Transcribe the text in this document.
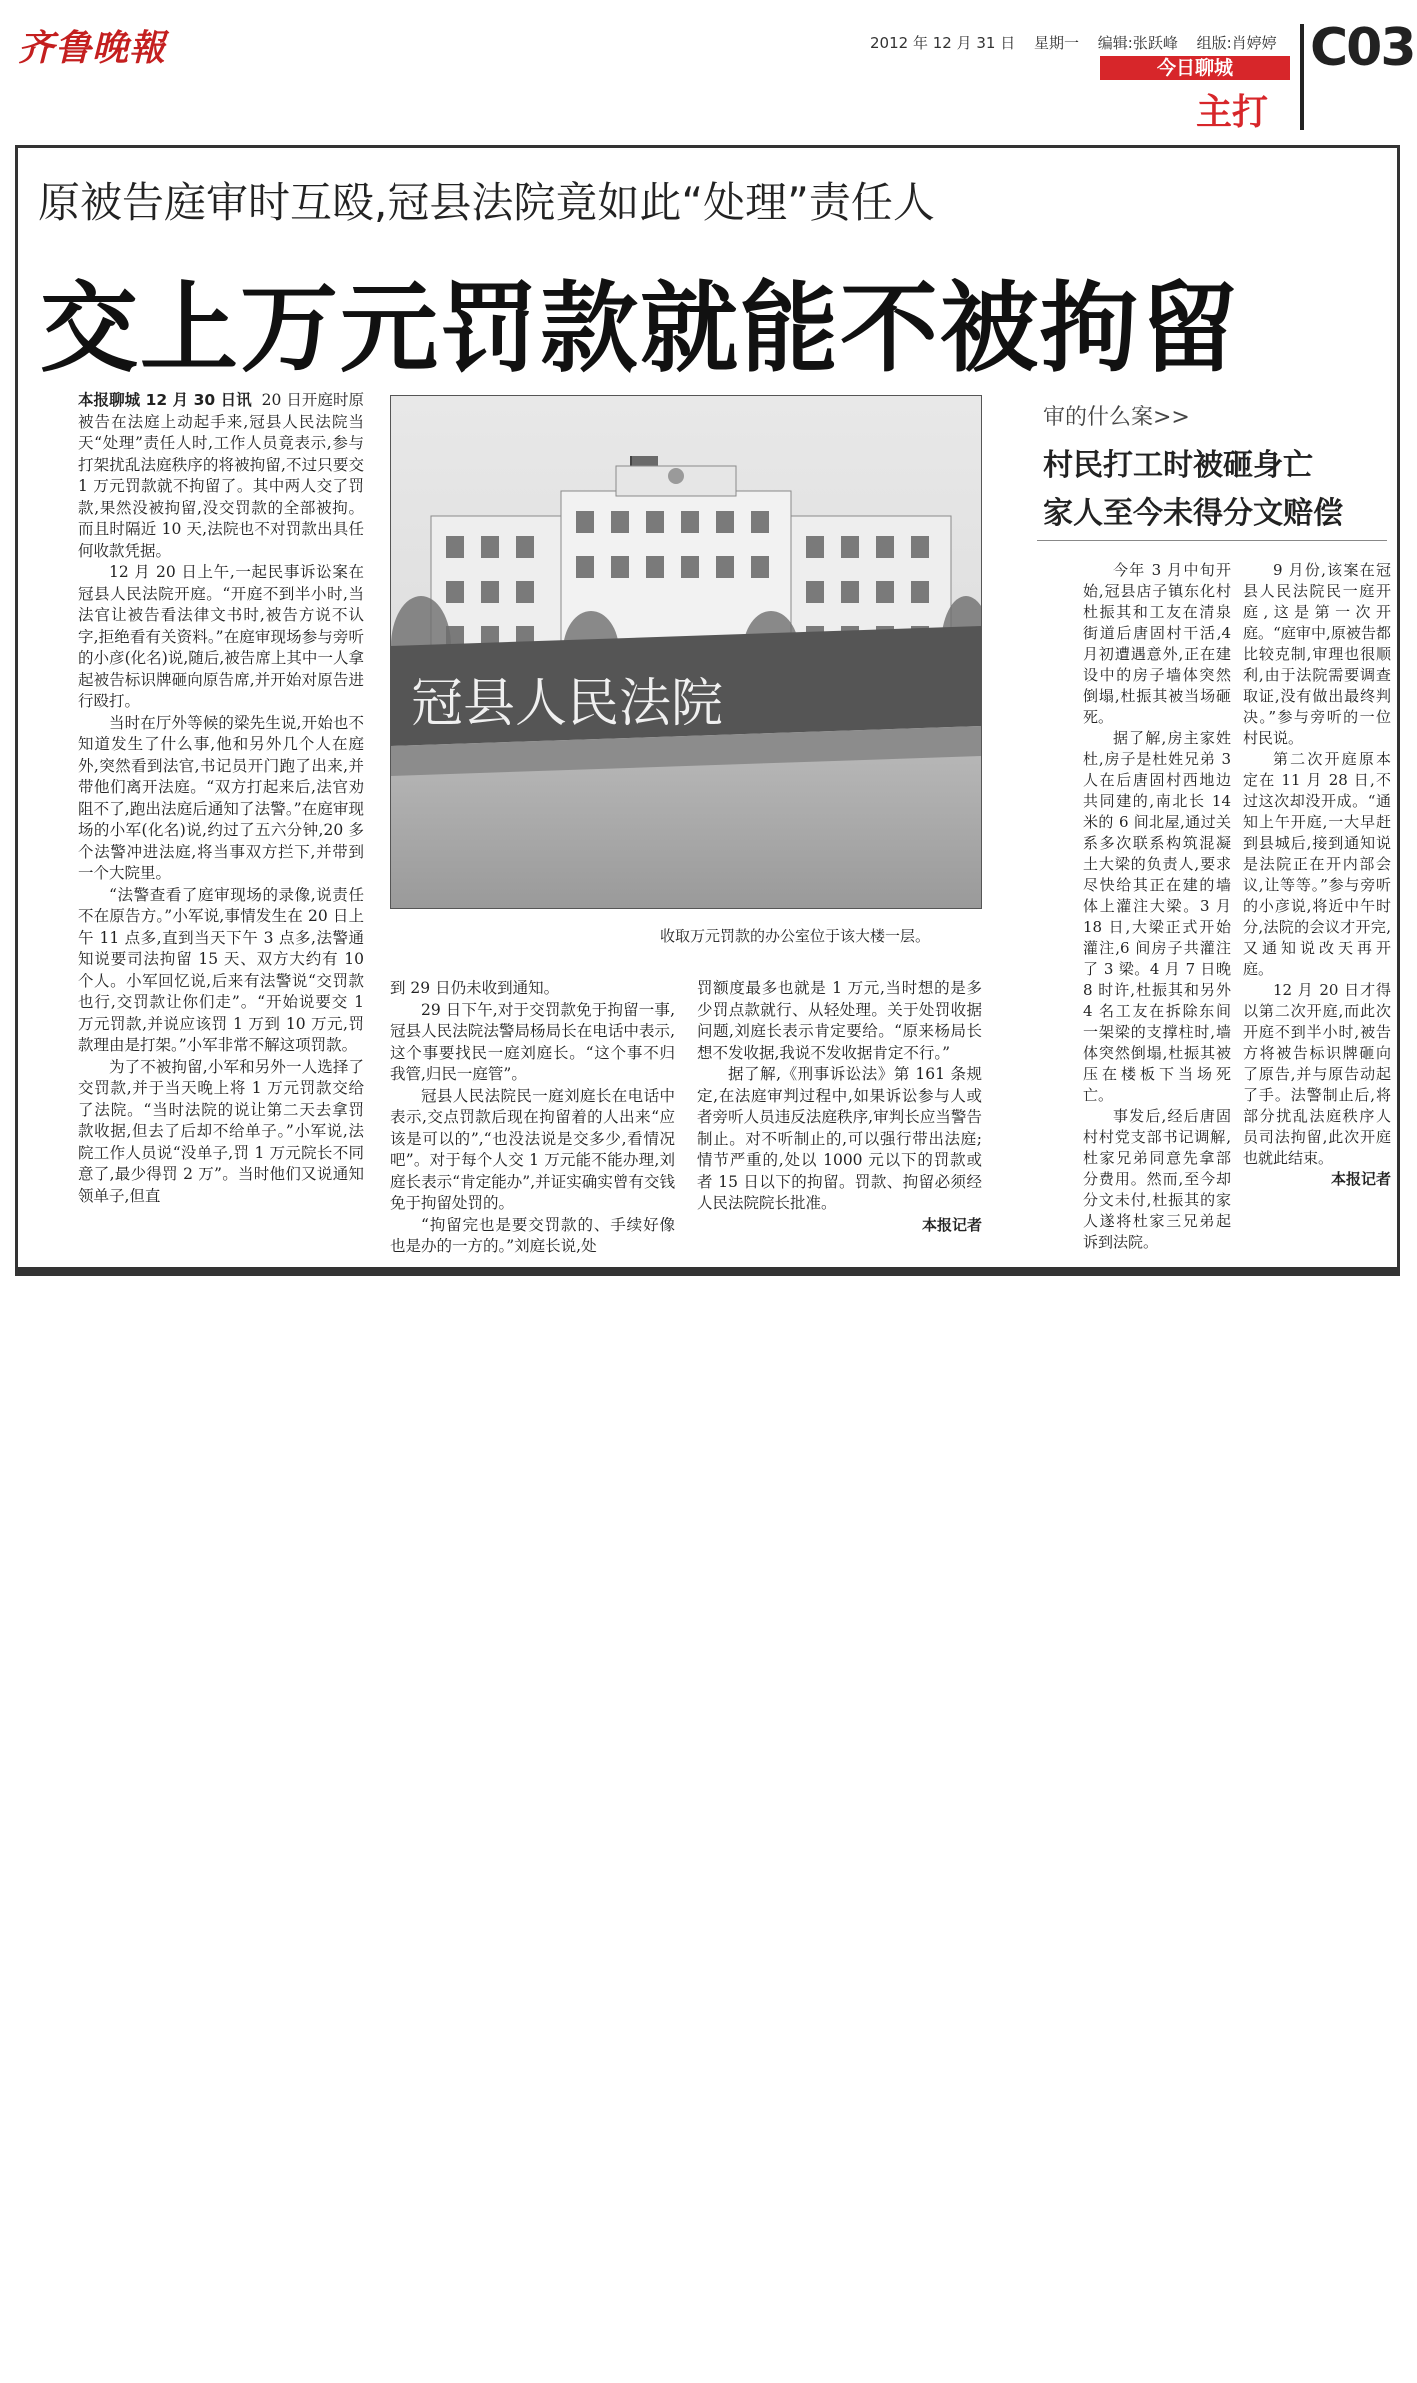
齐鲁晚報	2012 年 12 月 31 日 星期一 编辑:张跃峰 组版:肖婷婷
今日聊城
主打
C03
原被告庭审时互殴,冠县法院竟如此“处理”责任人
交上万元罚款就能不被拘留

本报聊城 12 月 30 日讯 20 日开庭时原被告在法庭上动起手来,冠县人民法院当天“处理”责任人时,工作人员竟表示,参与打架扰乱法庭秩序的将被拘留,不过只要交 1 万元罚款就不拘留了。其中两人交了罚款,果然没被拘留,没交罚款的全部被拘。而且时隔近 10 天,法院也不对罚款出具任何收款凭据。

12 月 20 日上午,一起民事诉讼案在冠县人民法院开庭。“开庭不到半小时,当法官让被告看法律文书时,被告方说不认字,拒绝看有关资料。”在庭审现场参与旁听的小彦(化名)说,随后,被告席上其中一人拿起被告标识牌砸向原告席,并开始对原告进行殴打。

当时在厅外等候的梁先生说,开始也不知道发生了什么事,他和另外几个人在庭外,突然看到法官,书记员开门跑了出来,并带他们离开法庭。“双方打起来后,法官劝阻不了,跑出法庭后通知了法警。”在庭审现场的小军(化名)说,约过了五六分钟,20 多个法警冲进法庭,将当事双方拦下,并带到一个大院里。

“法警查看了庭审现场的录像,说责任不在原告方。”小军说,事情发生在 20 日上午 11 点多,直到当天下午 3 点多,法警通知说要司法拘留 15 天、双方大约有 10 个人。小军回忆说,后来有法警说“交罚款也行,交罚款让你们走”。“开始说要交 1 万元罚款,并说应该罚 1 万到 10 万元,罚款理由是打架。”小军非常不解这项罚款。

为了不被拘留,小军和另外一人选择了交罚款,并于当天晚上将 1 万元罚款交给了法院。“当时法院的说让第二天去拿罚款收据,但去了后却不给单子。”小军说,法院工作人员说“没单子,罚 1 万元院长不同意了,最少得罚 2 万”。当时他们又说通知领单子,但直

冠县人民法院
收取万元罚款的办公室位于该大楼一层。

到 29 日仍未收到通知。

29 日下午,对于交罚款免于拘留一事,冠县人民法院法警局杨局长在电话中表示,这个事要找民一庭刘庭长。“这个事不归我管,归民一庭管”。

冠县人民法院民一庭刘庭长在电话中表示,交点罚款后现在拘留着的人出来“应该是可以的”,“也没法说是交多少,看情况吧”。对于每个人交 1 万元能不能办理,刘庭长表示“肯定能办”,并证实确实曾有交钱免于拘留处罚的。

“拘留完也是要交罚款的、手续好像也是办的一方的。”刘庭长说,处

罚额度最多也就是 1 万元,当时想的是多少罚点款就行、从轻处理。关于处罚收据问题,刘庭长表示肯定要给。“原来杨局长想不发收据,我说不发收据肯定不行。”

据了解,《刑事诉讼法》第 161 条规定,在法庭审判过程中,如果诉讼参与人或者旁听人员违反法庭秩序,审判长应当警告制止。对不听制止的,可以强行带出法庭;情节严重的,处以 1000 元以下的罚款或者 15 日以下的拘留。罚款、拘留必须经人民法院院长批准。

本报记者
审的什么案>>
村民打工时被砸身亡
家人至今未得分文赔偿

今年 3 月中旬开始,冠县店子镇东化村杜振其和工友在清泉街道后唐固村干活,4 月初遭遇意外,正在建设中的房子墙体突然倒塌,杜振其被当场砸死。

据了解,房主家姓杜,房子是杜姓兄弟 3 人在后唐固村西地边共同建的,南北长 14 米的 6 间北屋,通过关系多次联系构筑混凝土大梁的负责人,要求尽快给其正在建的墙体上灌注大梁。3 月 18 日,大梁正式开始灌注,6 间房子共灌注了 3 梁。4 月 7 日晚 8 时许,杜振其和另外 4 名工友在拆除东间一架梁的支撑柱时,墙体突然倒塌,杜振其被压在楼板下当场死亡。

事发后,经后唐固村村党支部书记调解,杜家兄弟同意先拿部分费用。然而,至今却分文未付,杜振其的家人遂将杜家三兄弟起诉到法院。

9 月份,该案在冠县人民法院民一庭开庭,这是第一次开庭。“庭审中,原被告都比较克制,审理也很顺利,由于法院需要调查取证,没有做出最终判决。”参与旁听的一位村民说。

第二次开庭原本定在 11 月 28 日,不过这次却没开成。“通知上午开庭,一大早赶到县城后,接到通知说是法院正在开内部会议,让等等。”参与旁听的小彦说,将近中午时分,法院的会议才开完,又通知说改天再开庭。

12 月 20 日才得以第二次开庭,而此次开庭不到半小时,被告方将被告标识牌砸向了原告,并与原告动起了手。法警制止后,将部分扰乱法庭秩序人员司法拘留,此次开庭也就此结束。

本报记者
